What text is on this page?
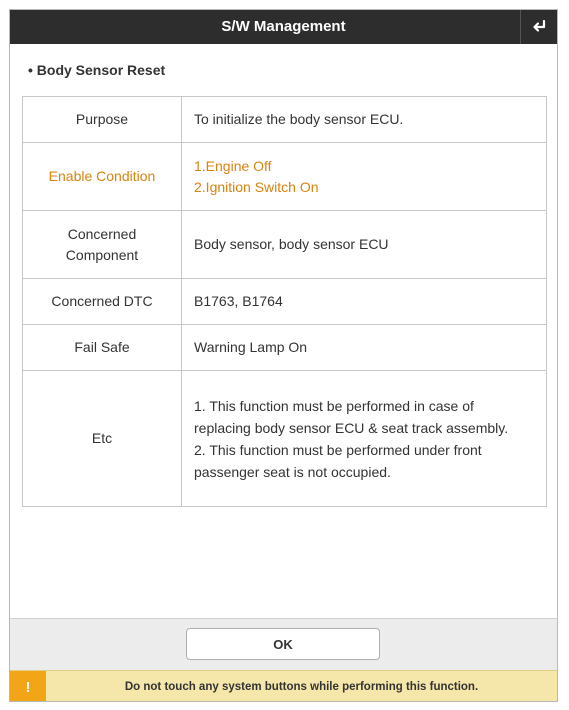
S/W Management
• Body Sensor Reset
Purpose	To initialize the body sensor ECU.

Enable Condition	1.Engine Off
2.Ignition Switch On

Concerned Component	Body sensor, body sensor ECU

Concerned DTC	B1763, B1764

Fail Safe	Warning Lamp On

Etc	1. This function must be performed in case of replacing body sensor ECU & seat track assembly.
2. This function must be performed under front passenger seat is not occupied.
OK
!	Do not touch any system buttons while performing this function.
